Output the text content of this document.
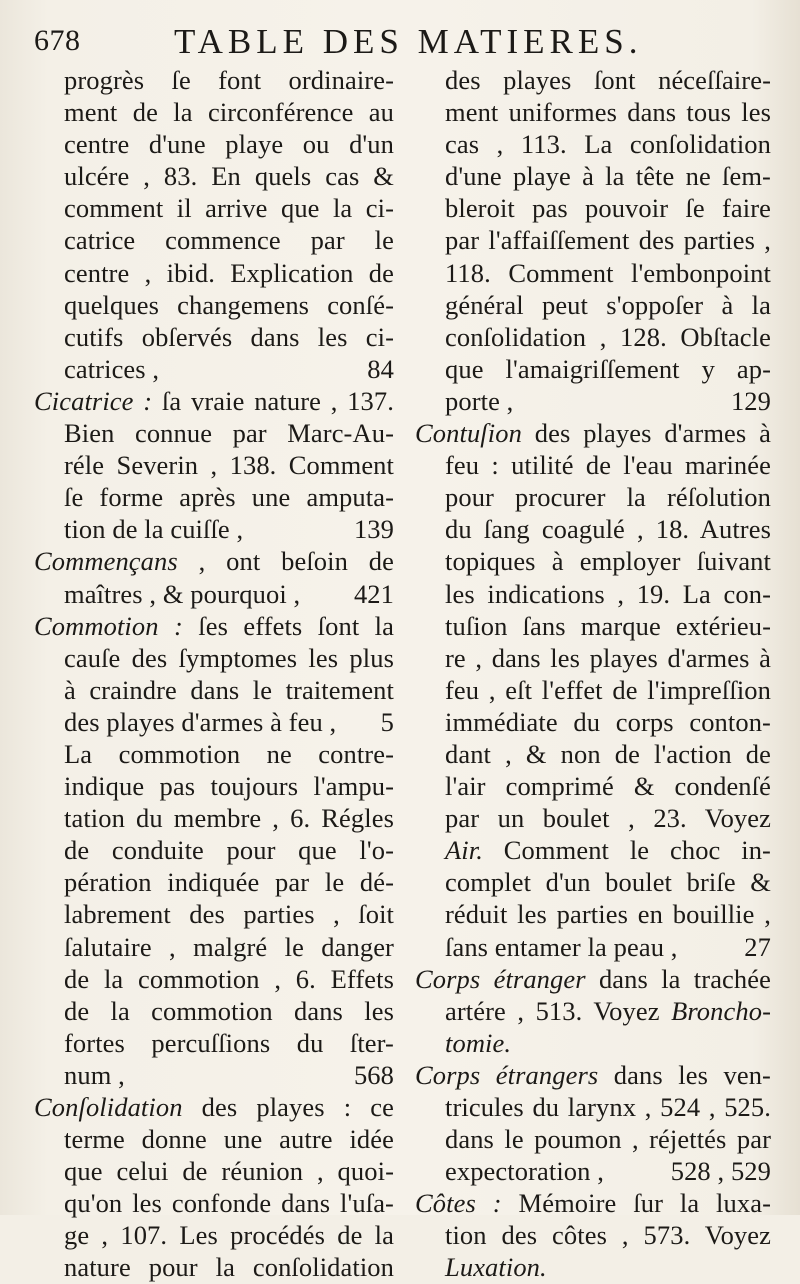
678	TABLE DES MATIERES.
progrès ſe font ordinaire-
ment de la circonférence au
centre d'une playe ou d'un
ulcére , 83. En quels cas &
comment il arrive que la ci-
catrice commence par le
centre , ibid. Explication de
quelques changemens conſé-
cutifs obſervés dans les ci-
catrices ,	84
Cicatrice : ſa vraie nature , 137.
Bien connue par Marc-Au-
réle Severin , 138. Comment
ſe forme après une amputa-
tion de la cuiſſe ,	139
Commençans , ont beſoin de
maîtres , & pourquoi ,	421
Commotion : ſes effets ſont la
cauſe des ſymptomes les plus
à craindre dans le traitement
des playes d'armes à feu ,	5
La commotion ne contre-
indique pas toujours l'ampu-
tation du membre , 6. Régles
de conduite pour que l'o-
pération indiquée par le dé-
labrement des parties , ſoit
ſalutaire , malgré le danger
de la commotion , 6. Effets
de la commotion dans les
fortes percuſſions du ſter-
num ,	568
Conſolidation des playes : ce
terme donne une autre idée
que celui de réunion , quoi-
qu'on les confonde dans l'uſa-
ge , 107. Les procédés de la
nature pour la conſolidation
des playes ſont néceſſaire-
ment uniformes dans tous les
cas , 113. La conſolidation
d'une playe à la tête ne ſem-
bleroit pas pouvoir ſe faire
par l'affaiſſement des parties ,
118. Comment l'embonpoint
général peut s'oppoſer à la
conſolidation , 128. Obſtacle
que l'amaigriſſement y ap-
porte ,	129
Contuſion des playes d'armes à
feu : utilité de l'eau marinée
pour procurer la réſolution
du ſang coagulé , 18. Autres
topiques à employer ſuivant
les indications , 19. La con-
tuſion ſans marque extérieu-
re , dans les playes d'armes à
feu , eſt l'effet de l'impreſſion
immédiate du corps conton-
dant , & non de l'action de
l'air comprimé & condenſé
par un boulet , 23. Voyez
Air. Comment le choc in-
complet d'un boulet briſe &
réduit les parties en bouillie ,
ſans entamer la peau ,	27
Corps étranger dans la trachée
artére , 513. Voyez Broncho-
tomie.
Corps étrangers dans les ven-
tricules du larynx , 524 , 525.
dans le poumon , réjettés par
expectoration ,	528 , 529
Côtes : Mémoire ſur la luxa-
tion des côtes , 573. Voyez
Luxation.
